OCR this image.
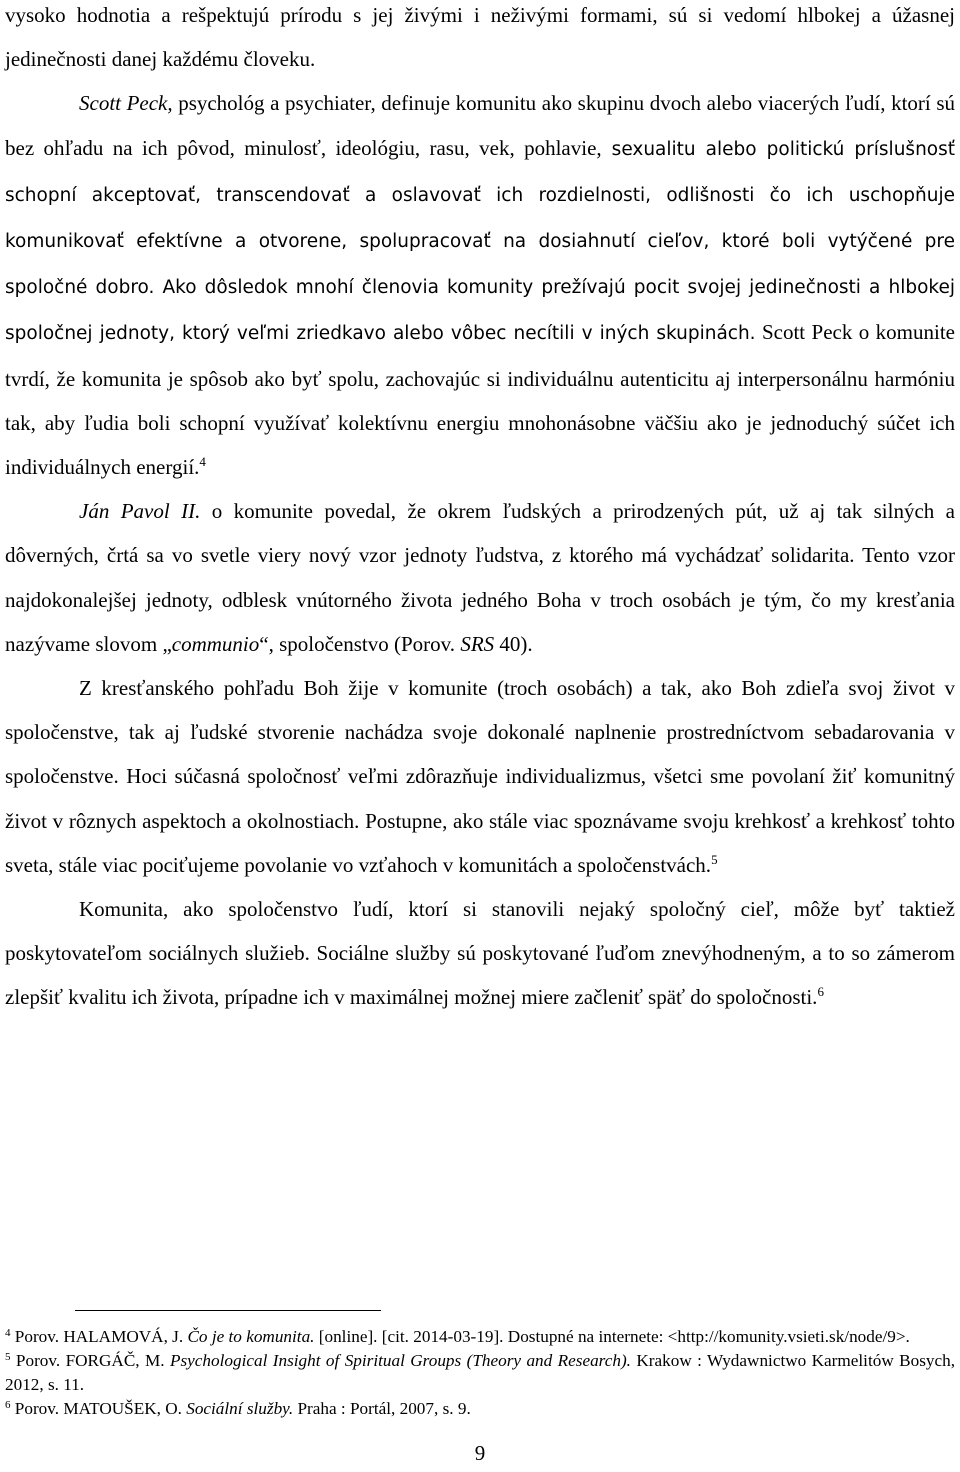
vysoko hodnotia a rešpektujú prírodu s jej živými i neživými formami, sú si vedomí hlbokej a úžasnej jedinečnosti danej každému človeku.

Scott Peck, psychológ a psychiater, definuje komunitu ako skupinu dvoch alebo viacerých ľudí, ktorí sú bez ohľadu na ich pôvod, minulosť, ideológiu, rasu, vek, pohlavie, sexualitu alebo politickú príslušnosť schopní akceptovať, transcendovať a oslavovať ich rozdielnosti, odlišnosti čo ich uschopňuje komunikovať efektívne a otvorene, spolupracovať na dosiahnutí cieľov, ktoré boli vytýčené pre spoločné dobro. Ako dôsledok mnohí členovia komunity prežívajú pocit svojej jedinečnosti a hlbokej spoločnej jednoty, ktorý veľmi zriedkavo alebo vôbec necítili v iných skupinách. Scott Peck o komunite tvrdí, že komunita je spôsob ako byť spolu, zachovajúc si individuálnu autenticitu aj interpersonálnu harmóniu tak, aby ľudia boli schopní využívať kolektívnu energiu mnohonásobne väčšiu ako je jednoduchý súčet ich individuálnych energií.$^4$

Ján Pavol II. o komunite povedal, že okrem ľudských a prirodzených pút, už aj tak silných a dôverných, črtá sa vo svetle viery nový vzor jednoty ľudstva, z ktorého má vychádzať solidarita. Tento vzor najdokonalejšej jednoty, odblesk vnútorného života jedného Boha v troch osobách je tým, čo my kresťania nazývame slovom „communio“, spoločenstvo (Porov. SRS 40).

Z kresťanského pohľadu Boh žije v komunite (troch osobách) a tak, ako Boh zdieľa svoj život v spoločenstve, tak aj ľudské stvorenie nachádza svoje dokonalé naplnenie prostredníctvom sebadarovania v spoločenstve. Hoci súčasná spoločnosť veľmi zdôrazňuje individualizmus, všetci sme povolaní žiť komunitný život v rôznych aspektoch a okolnostiach. Postupne, ako stále viac spoznávame svoju krehkosť a krehkosť tohto sveta, stále viac pociťujeme povolanie vo vzťahoch v komunitách a spoločenstvách.$^5$

Komunita, ako spoločenstvo ľudí, ktorí si stanovili nejaký spoločný cieľ, môže byť taktiež poskytovateľom sociálnych služieb. Sociálne služby sú poskytované ľuďom znevýhodneným, a to so zámerom zlepšiť kvalitu ich života, prípadne ich v maximálnej možnej miere začleniť späť do spoločnosti.$^6$

$^4$ Porov. HALAMOVÁ, J. Čo je to komunita. [online]. [cit. 2014-03-19]. Dostupné na internete: <http://komunity.vsieti.sk/node/9>.

$^5$ Porov. FORGÁČ, M. Psychological Insight of Spiritual Groups (Theory and Research). Krakow : Wydawnictwo Karmelitów Bosych, 2012, s. 11.

$^6$ Porov. MATOUŠEK, O. Sociální služby. Praha : Portál, 2007, s. 9.

9
